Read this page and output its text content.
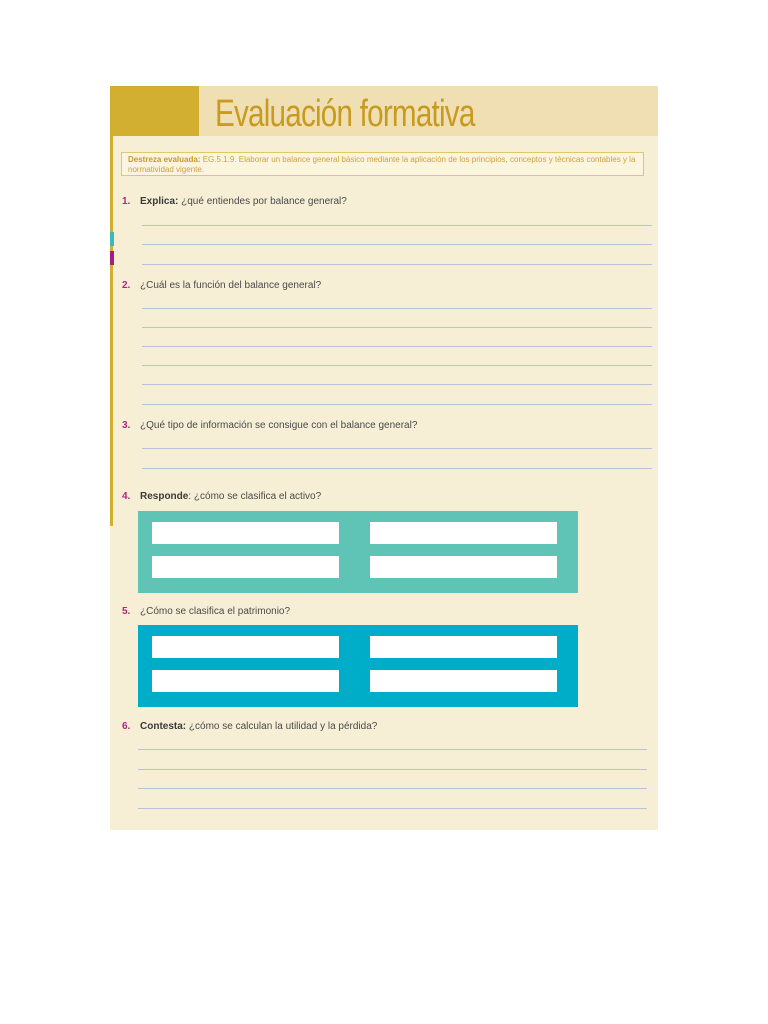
Evaluación formativa
Destreza evaluada: EG.5.1.9. Elaborar un balance general básico mediante la aplicación de los principios, conceptos y técnicas contables y la normatividad vigente.
1. Explica: ¿qué entiendes por balance general?
2. ¿Cuál es la función del balance general?
3. ¿Qué tipo de información se consigue con el balance general?
4. Responde: ¿cómo se clasifica el activo?
5. ¿Cómo se clasifica el patrimonio?
6. Contesta: ¿cómo se calculan la utilidad y la pérdida?
